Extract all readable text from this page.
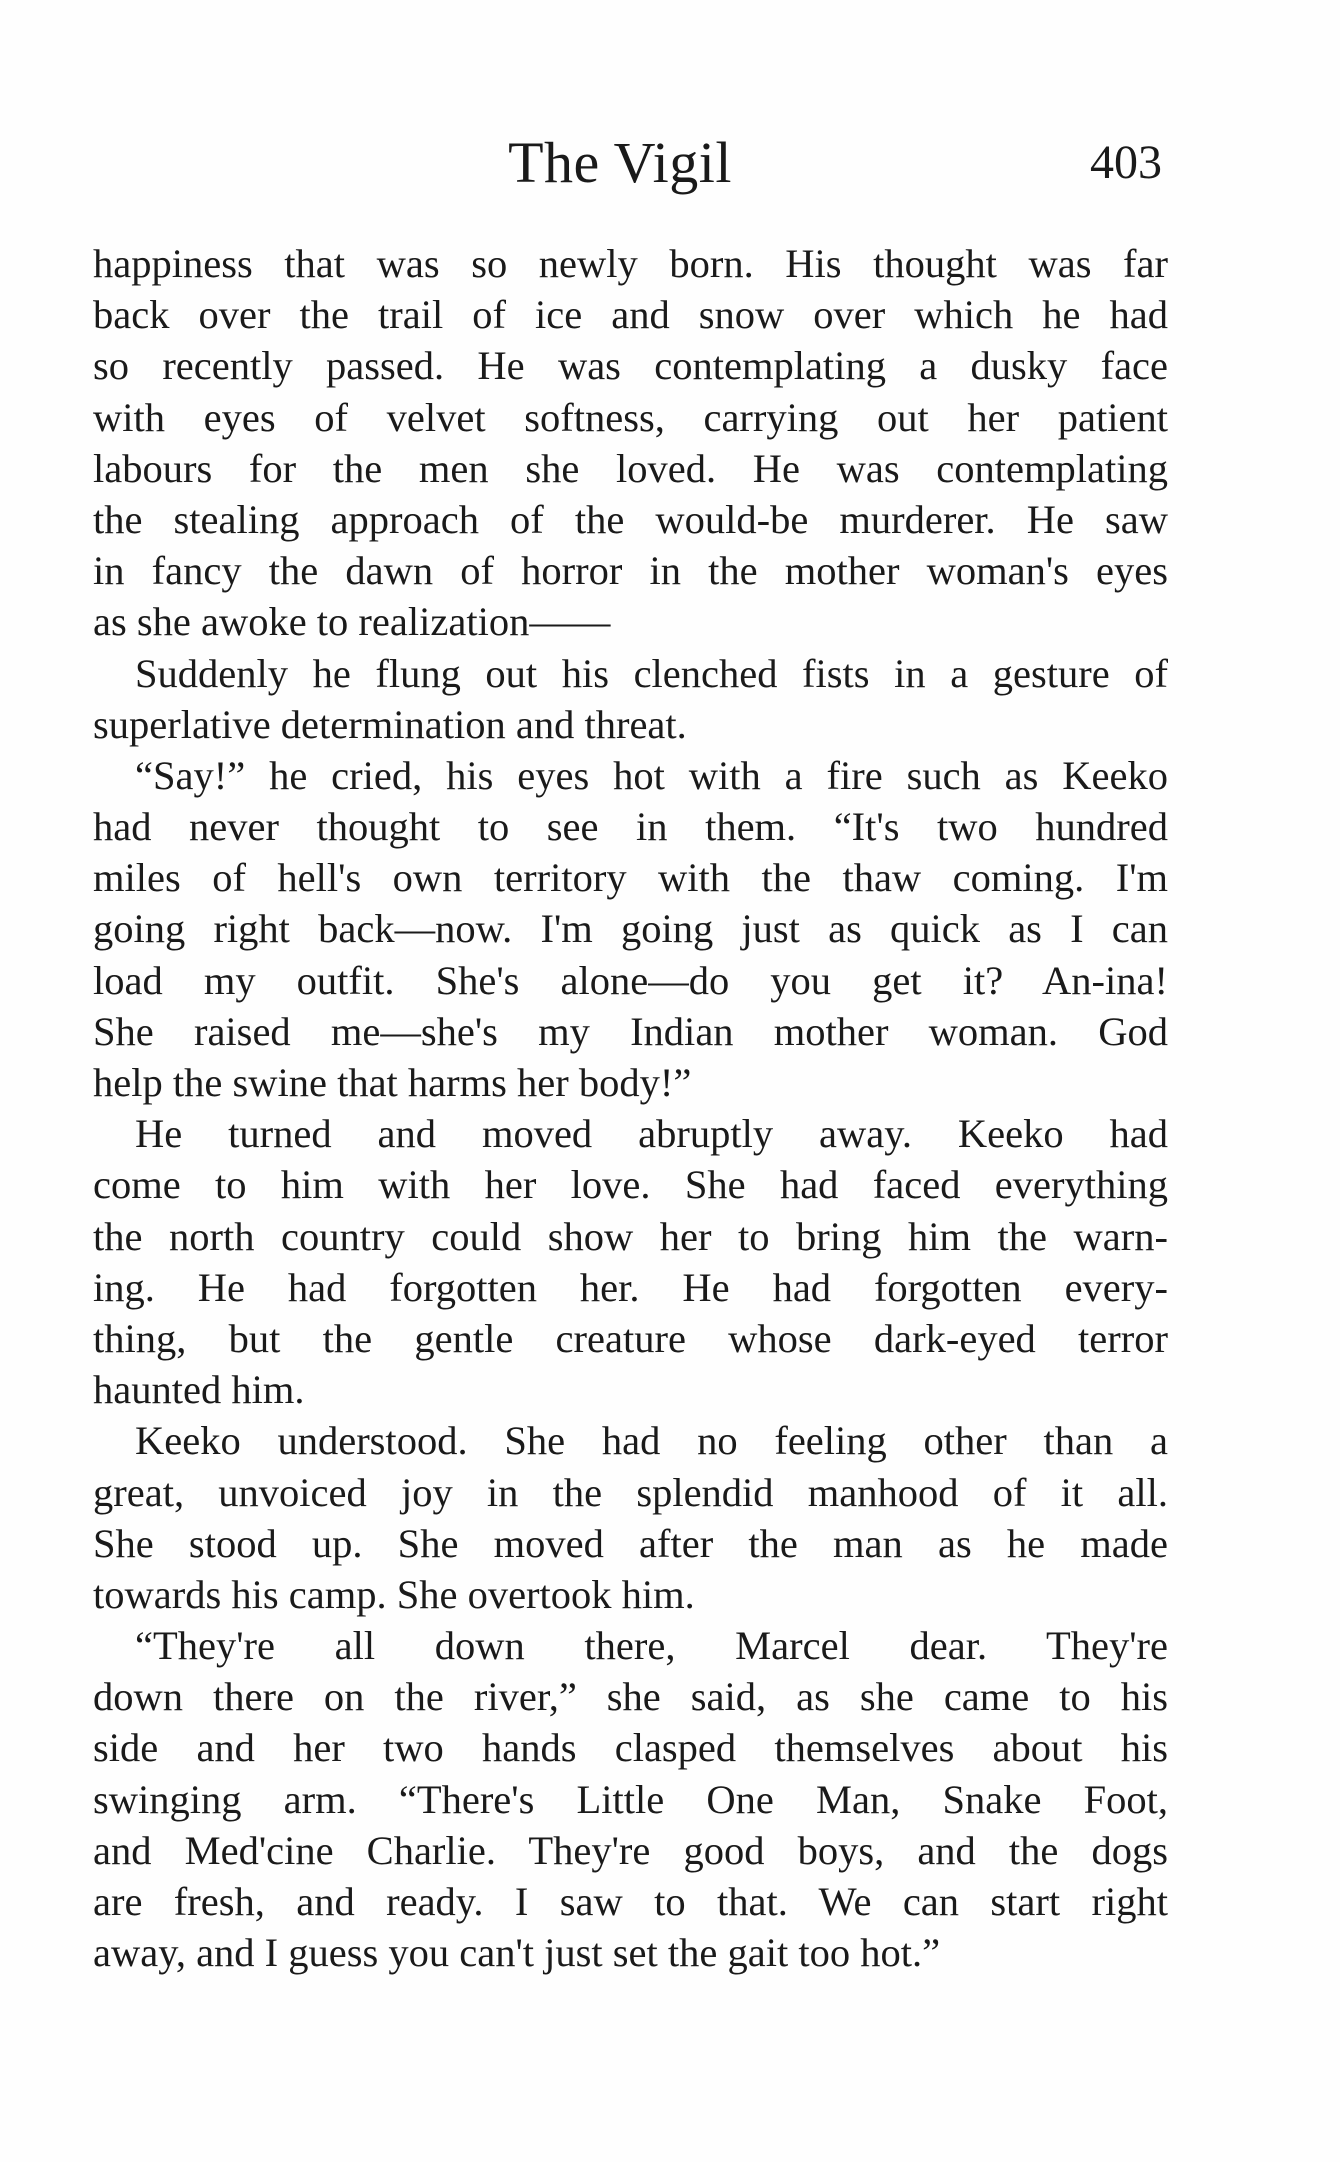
The Vigil	403
happiness that was so newly born. His thought was far
back over the trail of ice and snow over which he had
so recently passed. He was contemplating a dusky face
with eyes of velvet softness, carrying out her patient
labours for the men she loved. He was contemplating
the stealing approach of the would-be murderer. He saw
in fancy the dawn of horror in the mother woman's eyes
as she awoke to realization——
Suddenly he flung out his clenched fists in a gesture of
superlative determination and threat.
“Say!” he cried, his eyes hot with a fire such as Keeko
had never thought to see in them. “It's two hundred
miles of hell's own territory with the thaw coming. I'm
going right back—now. I'm going just as quick as I can
load my outfit. She's alone—do you get it? An-ina!
She raised me—she's my Indian mother woman. God
help the swine that harms her body!”
He turned and moved abruptly away. Keeko had
come to him with her love. She had faced everything
the north country could show her to bring him the warn-
ing. He had forgotten her. He had forgotten every-
thing, but the gentle creature whose dark-eyed terror
haunted him.
Keeko understood. She had no feeling other than a
great, unvoiced joy in the splendid manhood of it all.
She stood up. She moved after the man as he made
towards his camp. She overtook him.
“They're all down there, Marcel dear. They're
down there on the river,” she said, as she came to his
side and her two hands clasped themselves about his
swinging arm. “There's Little One Man, Snake Foot,
and Med'cine Charlie. They're good boys, and the dogs
are fresh, and ready. I saw to that. We can start right
away, and I guess you can't just set the gait too hot.”
